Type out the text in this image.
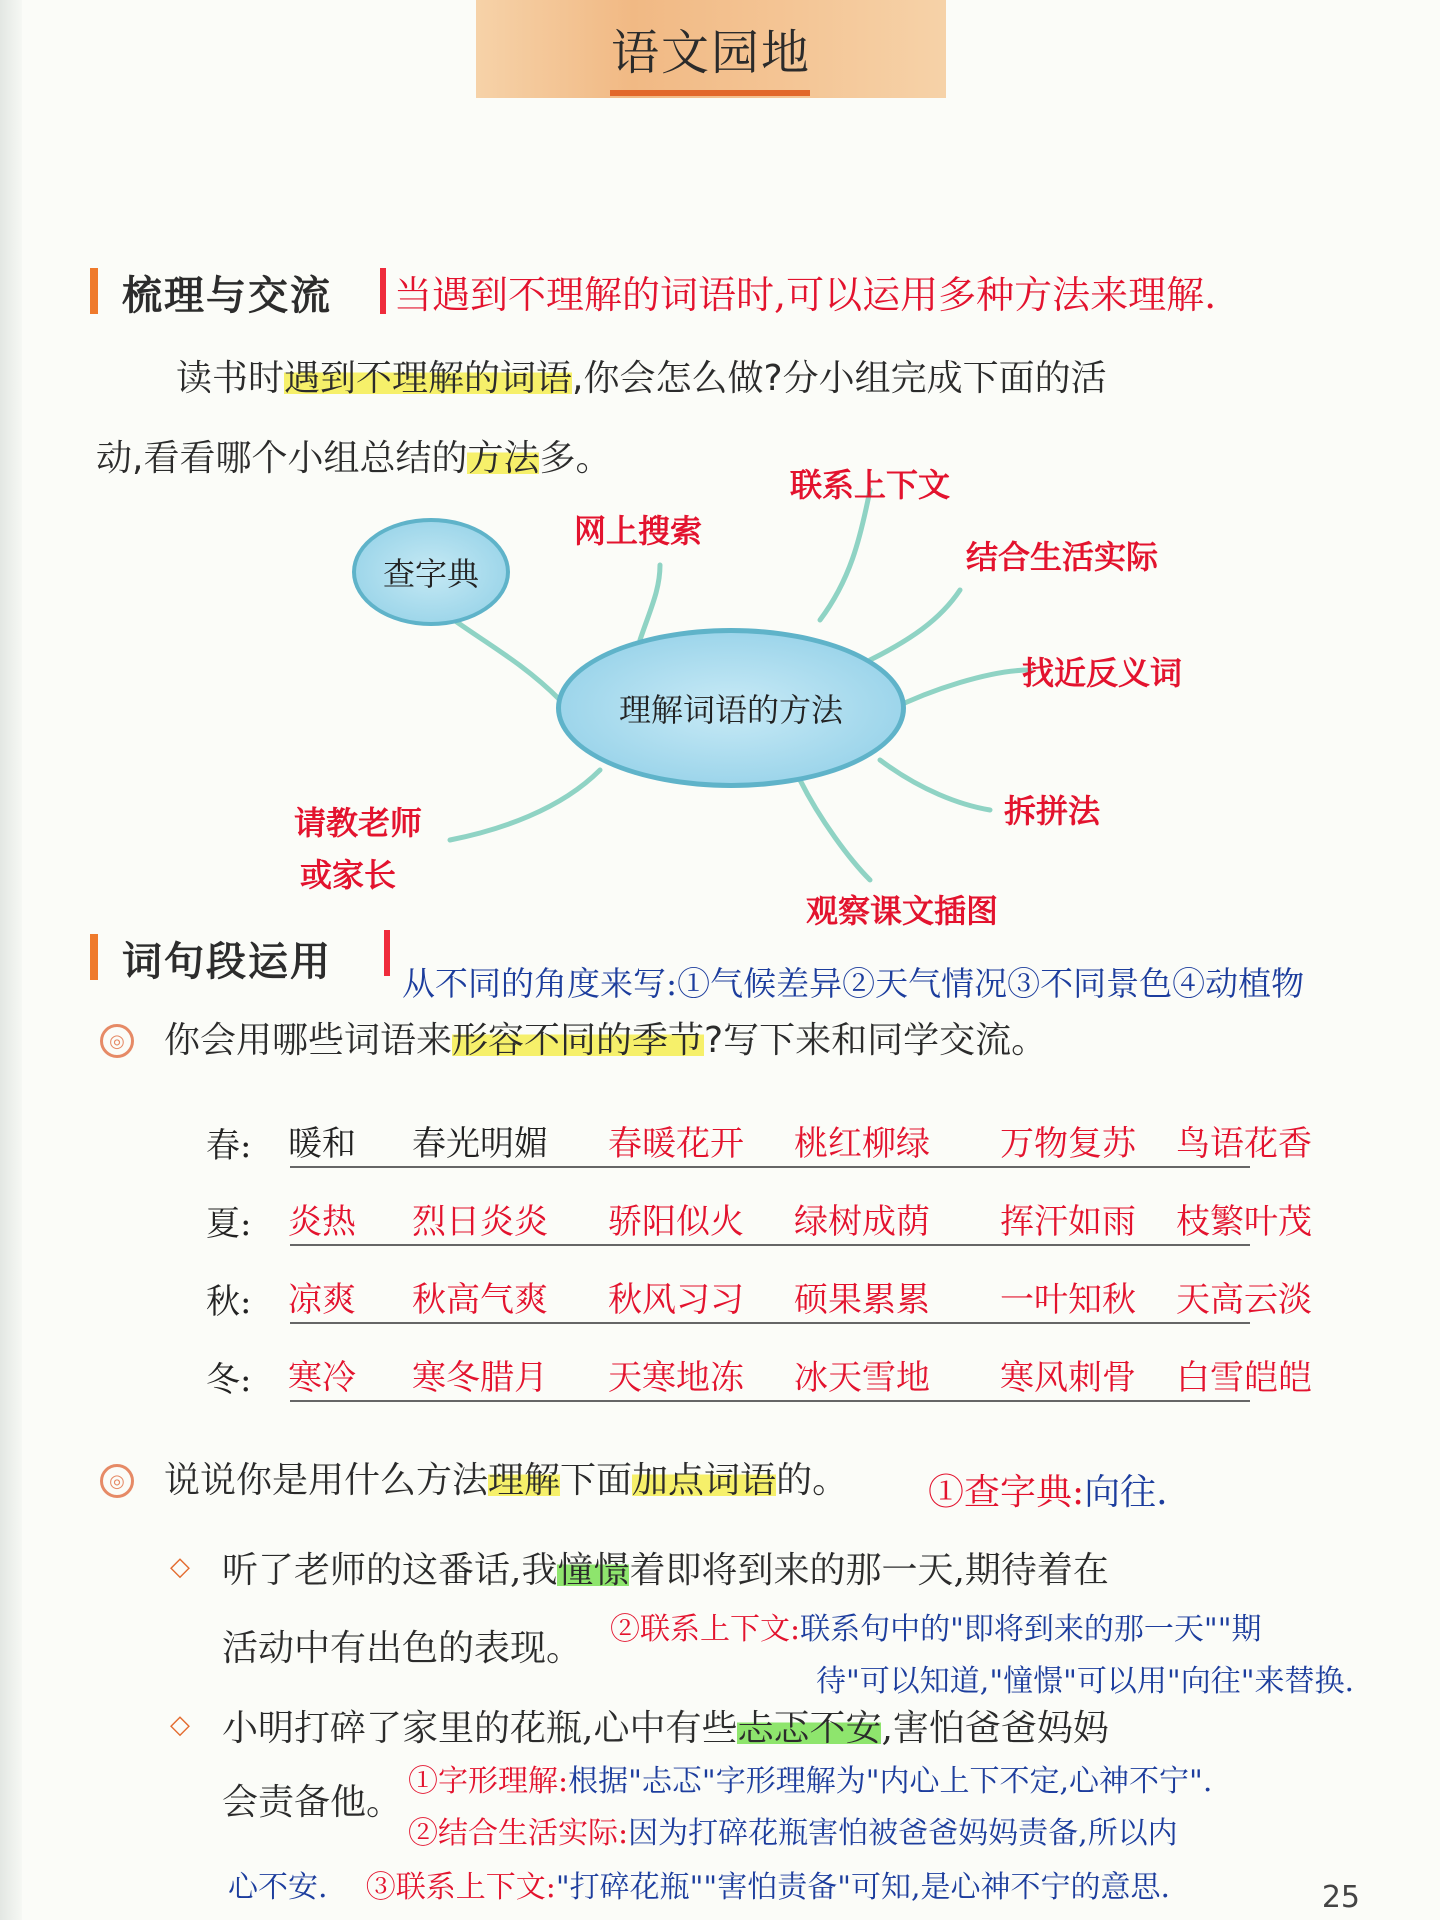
语文园地
梳理与交流 当遇到不理解的词语时,可以运用多种方法来理解.
读书时遇到不理解的词语,你会怎么做?分小组完成下面的活
动,看看哪个小组总结的方法多。
查字典
理解词语的方法
网上搜索
联系上下文
结合生活实际
找近反义词
拆拼法
观察课文插图
请教老师
或家长
词句段运用 从不同的角度来写:①气候差异②天气情况③不同景色④动植物
◎ 你会用哪些词语来形容不同的季节?写下来和同学交流。
春: 暖和 春光明媚 春暖花开 桃红柳绿 万物复苏 鸟语花香
夏: 炎热 烈日炎炎 骄阳似火 绿树成荫 挥汗如雨 枝繁叶茂
秋: 凉爽 秋高气爽 秋风习习 硕果累累 一叶知秋 天高云淡
冬: 寒冷 寒冬腊月 天寒地冻 冰天雪地 寒风刺骨 白雪皑皑
◎ 说说你是用什么方法理解下面加点词语的。 ①查字典:向往.
◇ 听了老师的这番话,我憧憬着即将到来的那一天,期待着在
活动中有出色的表现。 ②联系上下文:联系句中的"即将到来的那一天""期
待"可以知道,"憧憬"可以用"向往"来替换.
◇ 小明打碎了家里的花瓶,心中有些忐忑不安,害怕爸爸妈妈
会责备他。
①字形理解:根据"忐忑"字形理解为"内心上下不定,心神不宁".
②结合生活实际:因为打碎花瓶害怕被爸爸妈妈责备,所以内
心不安. ③联系上下文:"打碎花瓶""害怕责备"可知,是心神不宁的意思.	25
